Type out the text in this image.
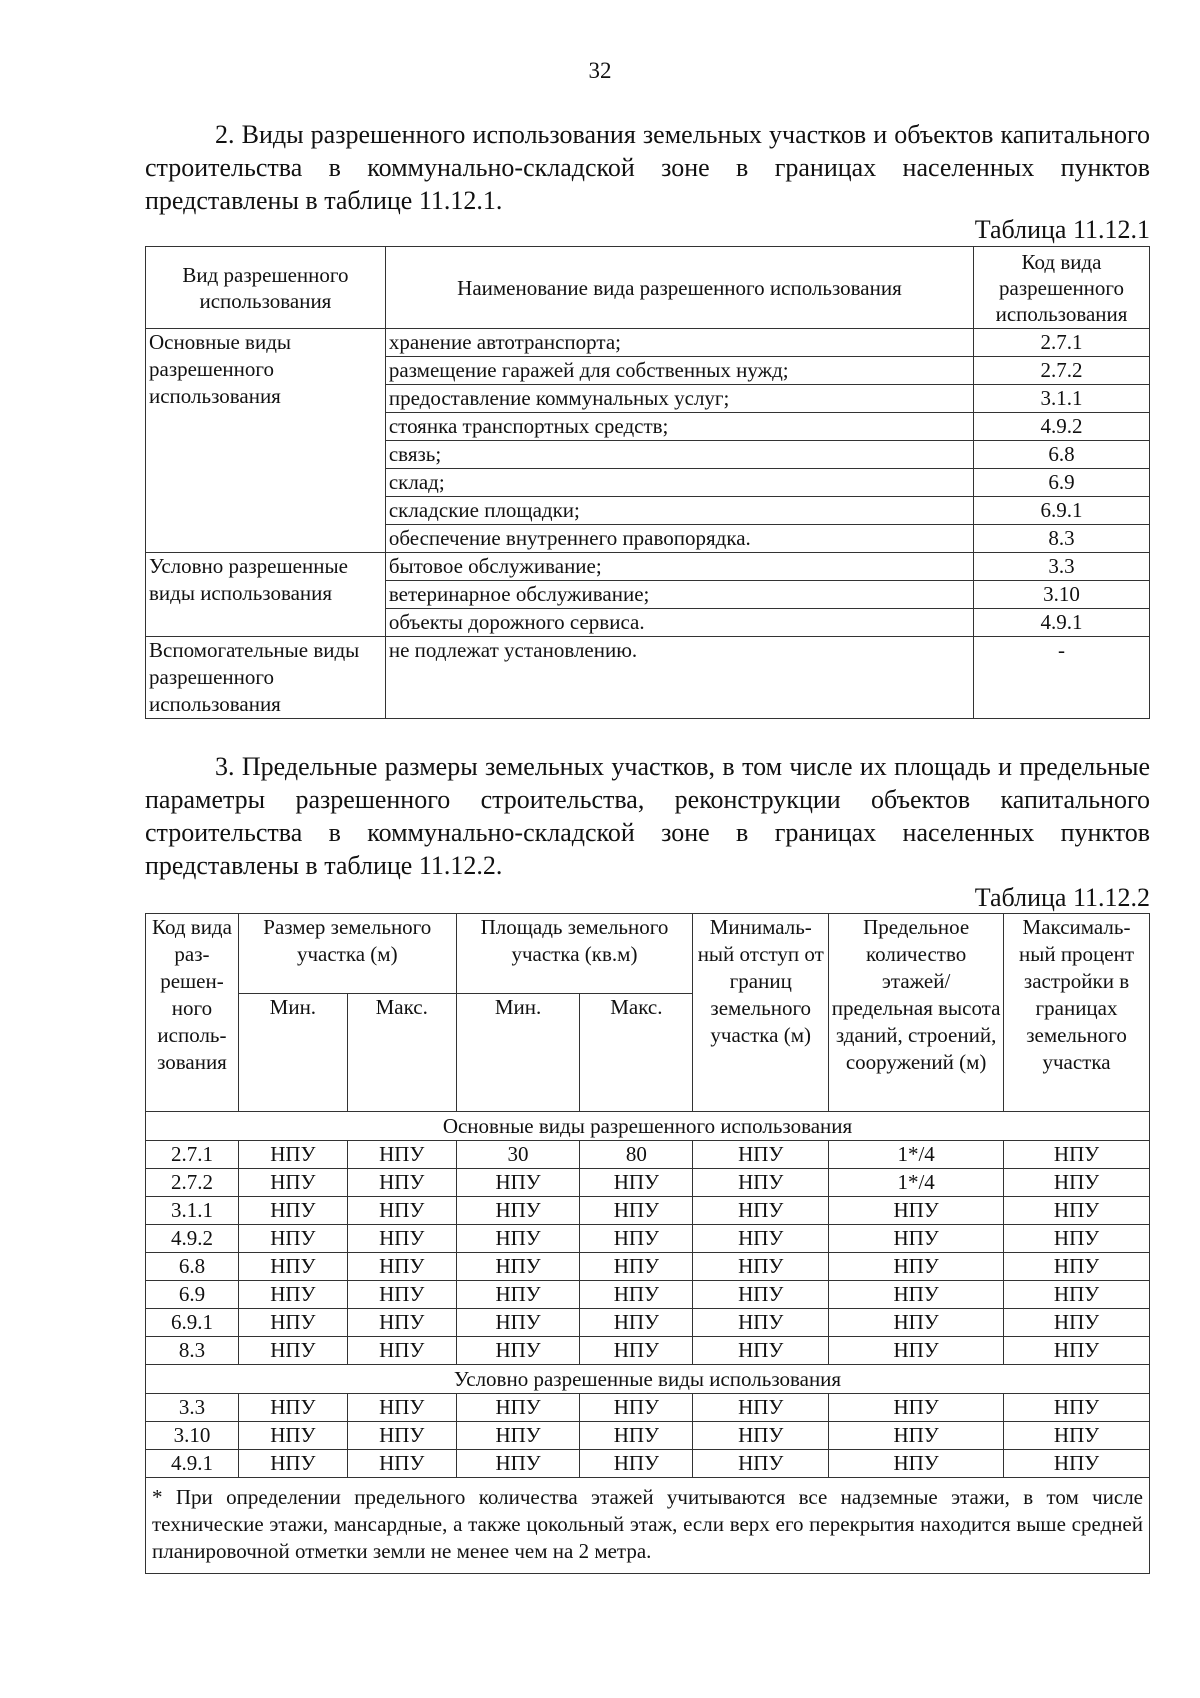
32

2. Виды разрешенного использования земельных участков и объектов капитального строительства в коммунально-складской зоне в границах населенных пунктов представлены в таблице 11.12.1.

Таблица 11.12.1
Вид разрешенного использования	Наименование вида разрешенного использования	Код вида разрешенного использования
Основные виды разрешенного использования	хранение автотранспорта;	2.7.1
	размещение гаражей для собственных нужд;	2.7.2
	предоставление коммунальных услуг;	3.1.1
	стоянка транспортных средств;	4.9.2
	связь;	6.8
	склад;	6.9
	складские площадки;	6.9.1
	обеспечение внутреннего правопорядка.	8.3
Условно разрешенные виды использования	бытовое обслуживание;	3.3
	ветеринарное обслуживание;	3.10
	объекты дорожного сервиса.	4.9.1
Вспомогательные виды разрешенного использования	не подлежат установлению.	-

3. Предельные размеры земельных участков, в том числе их площадь и предельные параметры разрешенного строительства, реконструкции объектов капитального строительства в коммунально-складской зоне в границах населенных пунктов представлены в таблице 11.12.2.

Таблица 11.12.2
Код вида раз-решен-ного исполь-зования	Размер земельного участка (м)		Площадь земельного участка (кв.м)		Минималь-ный отступ от границ земельного участка (м)	Предельное количество этажей/ предельная высота зданий, строений, сооружений (м)	Максималь-ный процент застройки в границах земельного участка
	Мин.	Макс.	Мин.	Макс.			
Основные виды разрешенного использования							
2.7.1	НПУ	НПУ	30	80	НПУ	1*/4	НПУ
2.7.2	НПУ	НПУ	НПУ	НПУ	НПУ	1*/4	НПУ
3.1.1	НПУ	НПУ	НПУ	НПУ	НПУ	НПУ	НПУ
4.9.2	НПУ	НПУ	НПУ	НПУ	НПУ	НПУ	НПУ
6.8	НПУ	НПУ	НПУ	НПУ	НПУ	НПУ	НПУ
6.9	НПУ	НПУ	НПУ	НПУ	НПУ	НПУ	НПУ
6.9.1	НПУ	НПУ	НПУ	НПУ	НПУ	НПУ	НПУ
8.3	НПУ	НПУ	НПУ	НПУ	НПУ	НПУ	НПУ
Условно разрешенные виды использования							
3.3	НПУ	НПУ	НПУ	НПУ	НПУ	НПУ	НПУ
3.10	НПУ	НПУ	НПУ	НПУ	НПУ	НПУ	НПУ
4.9.1	НПУ	НПУ	НПУ	НПУ	НПУ	НПУ	НПУ
* При определении предельного количества этажей учитываются все надземные этажи, в том числе технические этажи, мансардные, а также цокольный этаж, если верх его перекрытия находится выше средней планировочной отметки земли не менее чем на 2 метра.							
